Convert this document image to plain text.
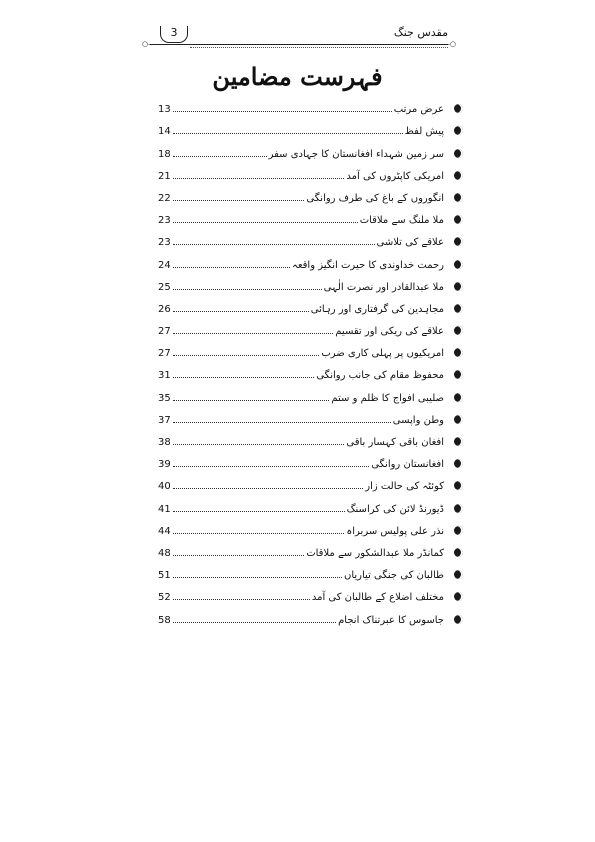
○—
3	مقدس جنگ
—○
فہرست مضامین
عرض مرتب
13
پیش لفظ
14
سر زمین شہداء افغانستان کا جہادی سفر
18
امریکی کاپٹروں کی آمد
21
انگوروں کے باغ کی طرف روانگی
22
ملا ملنگ سے ملاقات
23
علاقے کی تلاشی
23
رحمت خداوندی کا حیرت انگیز واقعہ
24
ملا عبدالقادر اور نصرت الٰہی
25
مجاہدین کی گرفتاری اور رہائی
26
علاقے کی ریکی اور تقسیم
27
امریکیوں پر پہلی کاری ضرب
27
محفوظ مقام کی جانب روانگی
31
صلیبی افواج کا ظلم و ستم
35
وطن واپسی
37
افغان باقی کہسار باقی
38
افغانستان روانگی
39
کوئٹہ کی حالت زار
40
ڈیورنڈ لائن کی کراسنگ
41
نذر علی پولیس سربراہ
44
کمانڈر ملا عبدالشکور سے ملاقات
48
طالبان کی جنگی تیاریاں
51
مختلف اضلاع کے طالبان کی آمد
52
جاسوس کا عبرتناک انجام
58
